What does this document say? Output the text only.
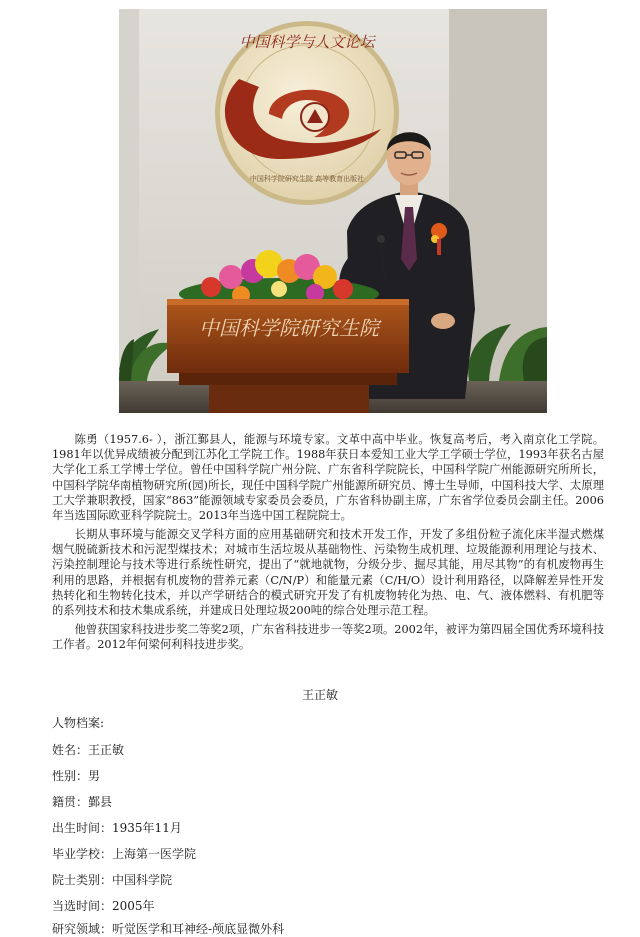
中国科学与人文论坛
中国科学院研究生院 高等教育出版社
中国科学院研究生院

陈勇（1957.6- ），浙江鄞县人，能源与环境专家。文革中高中毕业。恢复高考后，考入南京化工学院。1981年以优异成绩被分配到江苏化工学院工作。1988年获日本爱知工业大学工学硕士学位，1993年获名古屋大学化工系工学博士学位。曾任中国科学院广州分院、广东省科学院院长，中国科学院广州能源研究所所长，中国科学院华南植物研究所(园)所长，现任中国科学院广州能源所研究员、博士生导师，中国科技大学、太原理工大学兼职教授，国家“863”能源领域专家委员会委员，广东省科协副主席，广东省学位委员会副主任。2006年当选国际欧亚科学院院士。2013年当选中国工程院院士。

长期从事环境与能源交叉学科方面的应用基础研究和技术开发工作，开发了多组份粒子流化床半湿式燃煤烟气脱硫新技术和污泥型煤技术；对城市生活垃圾从基础物性、污染物生成机理、垃圾能源利用理论与技术、污染控制理论与技术等进行系统性研究，提出了“就地就物，分级分步、掘尽其能，用尽其物”的有机废物再生利用的思路，并根据有机废物的营养元素（C/N/P）和能量元素（C/H/O）设计利用路径，以降解差异性开发热转化和生物转化技术，并以产学研结合的模式研究开发了有机废物转化为热、电、气、液体燃料、有机肥等的系列技术和技术集成系统，并建成日处理垃圾200吨的综合处理示范工程。

他曾获国家科技进步奖二等奖2项，广东省科技进步一等奖2项。2002年，被评为第四届全国优秀环境科技工作者。2012年何梁何利科技进步奖。

王正敏
人物档案:
姓名：王正敏
性别：男
籍贯：鄞县
出生时间：1935年11月
毕业学校：上海第一医学院
院士类别：中国科学院
当选时间：2005年
研究领域：听觉医学和耳神经-颅底显微外科
